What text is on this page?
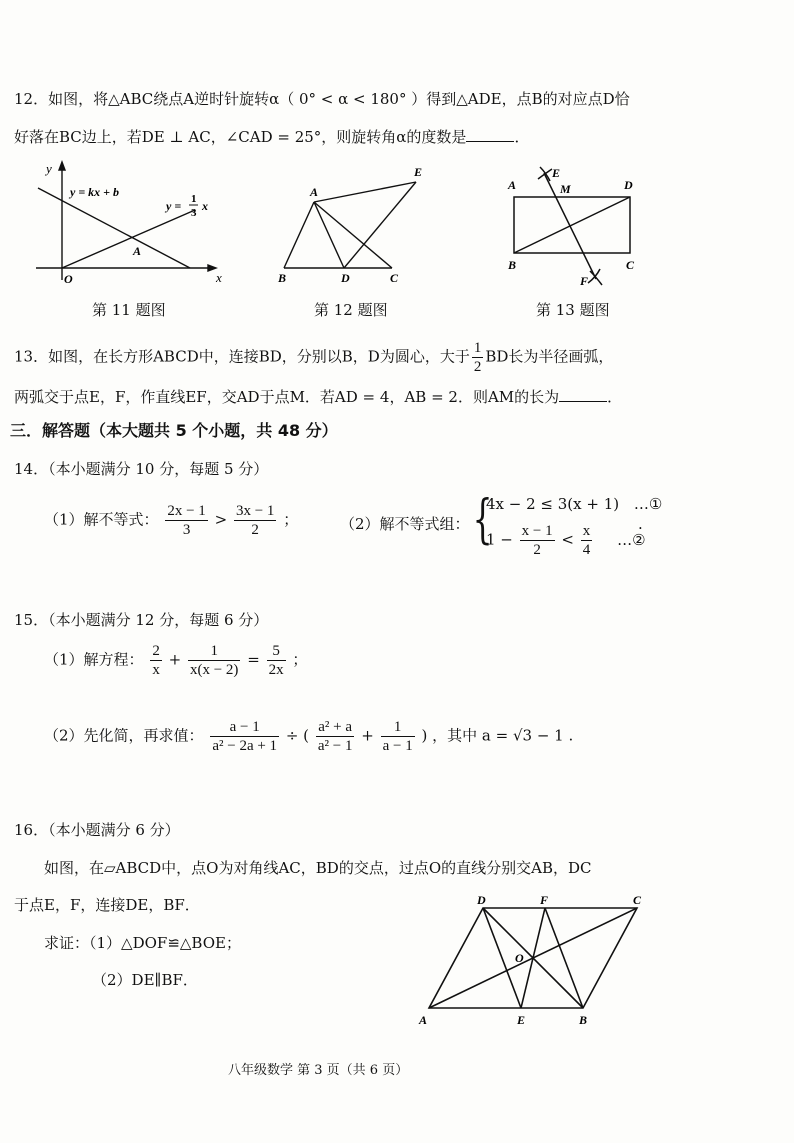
12．如图，将△ABC绕点A逆时针旋转α（ 0° < α < 180° ）得到△ADE，点B的对应点D恰
好落在BC边上，若DE ⊥ AC，∠CAD = 25°，则旋转角α的度数是	．
y
x
O
A
y = kx + b
y = 1
3 x
第 11 题图
A
B	C
D
E
第 12 题图
A
B	C
D
E
F
M
第 13 题图
13．如图，在长方形ABCD中，连接BD，分别以B，D为圆心，大于 $\frac{1}{2}$ BD长为半径画弧，
两弧交于点E，F，作直线EF，交AD于点M．若AD = 4，AB = 2．则AM的长为	．
三．解答题（本大题共 5 个小题，共 48 分）
14．（本小题满分 10 分，每题 5 分）
（1）解不等式： $\frac{2x - 1}{3} > \frac{3x - 1}{2}$ ；	（2）解不等式组： {
4x − 2 ≤ 3(x + 1) …①
$1 - \frac{x - 1}{2} < \frac{x}{4}$ …②
.
15．（本小题满分 12 分，每题 6 分）
（1）解方程： $\frac{2}{x} + \frac{1}{x(x - 2)} = \frac{5}{2x}$ ；
（2）先化简，再求值： $\frac{a - 1}{\text{a² − 2a + 1}}$ ÷ ( $\frac{\text{a² + a}}{\text{a² − 1}} + \frac{1}{a - 1}$ ) ，其中 a = √3 − 1 .
16．（本小题满分 6 分）
如图，在▱ABCD中，点O为对角线AC，BD的交点，过点O的直线分别交AB，DC
于点E，F，连接DE，BF．
求证：（1）△DOF≌△BOE；
（2）DE∥BF．
A	B
C
D
E
F
O
八年级数学 第 3 页（共 6 页）
